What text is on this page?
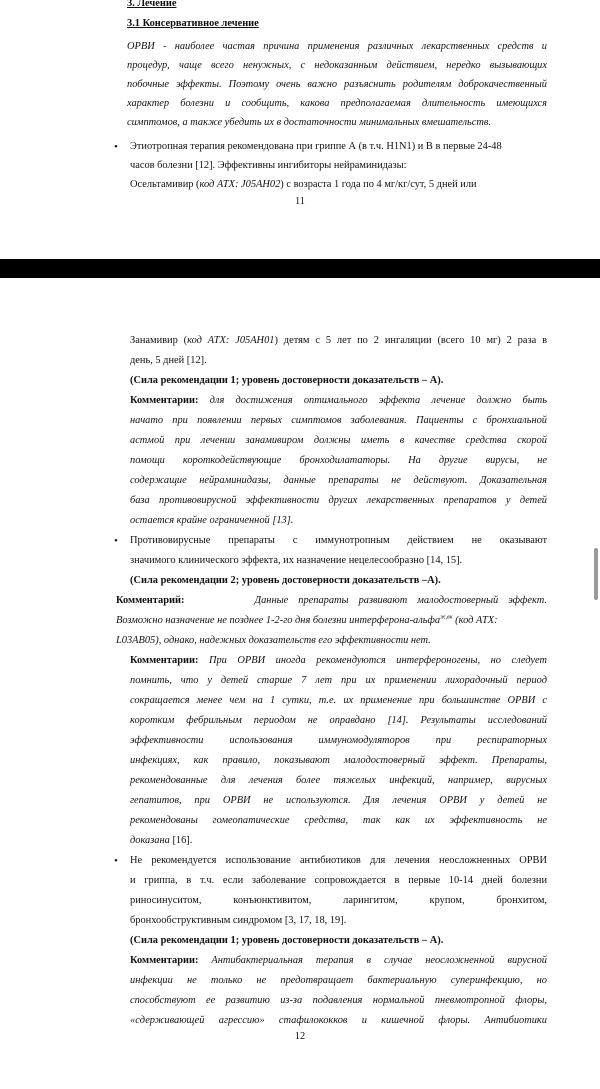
3. Лечение
3.1 Консервативное лечение
ОРВИ - наиболее частая причина применения различных лекарственных средств и
процедур, чаще всего ненужных, с недоказанным действием, нередко вызывающих
побочные эффекты. Поэтому очень важно разъяснить родителям доброкачественный
характер болезни и сообщить, какова предполагаемая длительность имеющихся
симптомов, а также убедить их в достаточности минимальных вмешательств.
• Этиотропная терапия рекомендована при гриппе А (в т.ч. H1N1) и В в первые 24-48
часов болезни [12]. Эффективны ингибиторы нейраминидазы:
Осельтамивир (код АТХ: J05AH02) с возраста 1 года по 4 мг/кг/сут, 5 дней или
11
Занамивир (код АТХ: J05AH01) детям с 5 лет по 2 ингаляции (всего 10 мг) 2 раза в
день, 5 дней [12].
(Сила рекомендации 1; уровень достоверности доказательств – А).
Комментарии: для достижения оптимального эффекта лечение должно быть
начато при появлении первых симптомов заболевания. Пациенты с бронхиальной
астмой при лечении занамивиром должны иметь в качестве средства скорой
помощи короткодействующие бронходилататоры. На другие вирусы, не
содержащие нейраминидазы, данные препараты не действуют. Доказательная
база противовирусной эффективности других лекарственных препаратов у детей
остается крайне ограниченной [13].
• Противовирусные препараты с иммунотропным действием не оказывают
значимого клинического эффекта, их назначение нецелесообразно [14, 15].
(Сила рекомендации 2; уровень достоверности доказательств –А).
Комментарий:	Данные препараты развивают малодостоверный эффект.
Возможно назначение не позднее 1-2-го дня болезни интерферона-альфа$^{ж,вк}$ (код АТХ:
L03AB05), однако, надежных доказательств его эффективности нет.
Комментарии: При ОРВИ иногда рекомендуются интерфероногены, но следует
помнить, что у детей старше 7 лет при их применении лихорадочный период
сокращается менее чем на 1 сутки, т.е. их применение при большинстве ОРВИ с
коротким фебрильным периодом не оправдано [14]. Результаты исследований
эффективности использования иммуномодуляторов при респираторных
инфекциях, как правило, показывают малодостоверный эффект. Препараты,
рекомендованные для лечения более тяжелых инфекций, например, вирусных
гепатитов, при ОРВИ не используются. Для лечения ОРВИ у детей не
рекомендованы гомеопатические средства, так как их эффективность не
доказана [16].
• Не рекомендуется использование антибиотиков для лечения неосложненных ОРВИ
и гриппа, в т.ч. если заболевание сопровождается в первые 10-14 дней болезни
риносинуситом, конъюнктивитом, ларингитом, крупом, бронхитом,
бронхообструктивным синдромом [3, 17, 18, 19].
(Сила рекомендации 1; уровень достоверности доказательств – А).
Комментарии: Антибактериальная терапия в случае неосложненной вирусной
инфекции не только не предотвращает бактериальную суперинфекцию, но
способствуют ее развитию из-за подавления нормальной пневмотропной флоры,
«сдерживающей агрессию» стафилококков и кишечной флоры. Антибиотики
12
